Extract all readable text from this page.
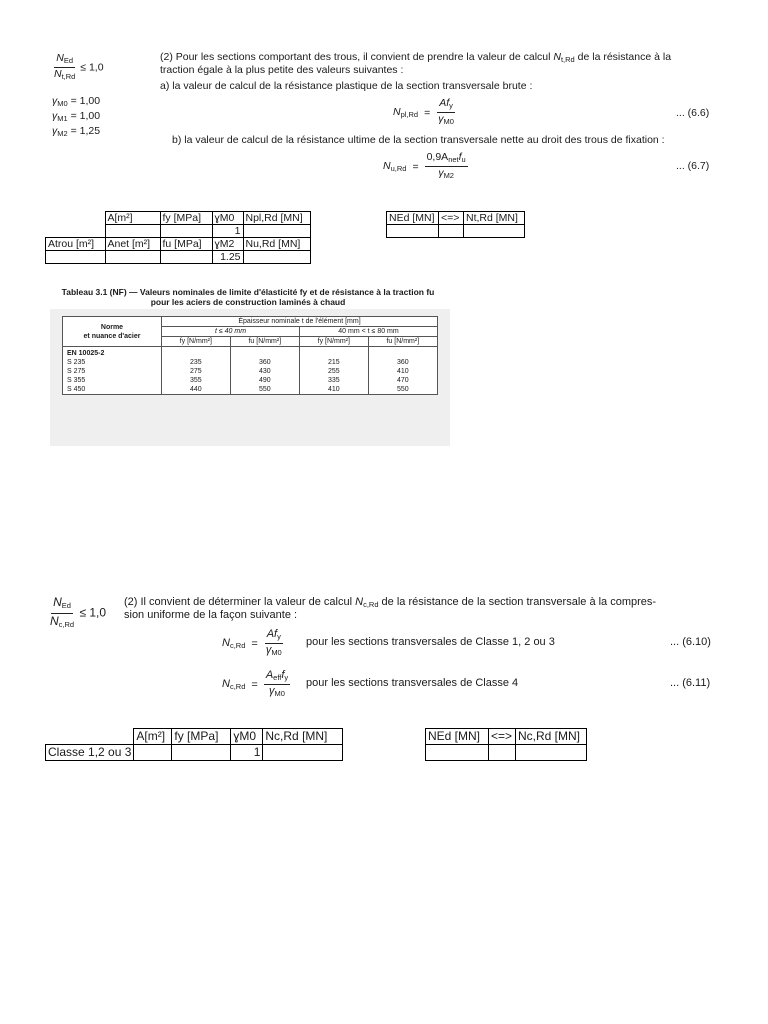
$\frac{N_{Ed}}{N_{t,Rd}} \le 1,0$
$\gamma_{M0} = 1,00$
$\gamma_{M1} = 1,00$
$\gamma_{M2} = 1,25$
(2) Pour les sections comportant des trous, il convient de prendre la valeur de calcul $N_{t,Rd}$ de la résistance à la
traction égale à la plus petite des valeurs suivantes :
a) la valeur de calcul de la résistance plastique de la section transversale brute :
$N_{pl,Rd} = \frac{Af_y}{\gamma_{M0}}$	... (6.6)
b) la valeur de calcul de la résistance ultime de la section transversale nette au droit des trous de fixation :
$N_{u,Rd} = \frac{0,9A_{net}f_u}{\gamma_{M2}}$	... (6.7)
	A[m²]	fy [MPa]	ɣM0	Npl,Rd [MN]
			1	
Atrou [m²]	Anet [m²]	fu [MPa]	ɣM2	Nu,Rd [MN]
			1.25	
NEd [MN]	<=>	Nt,Rd [MN]

Tableau 3.1 (NF) — Valeurs nominales de limite d'élasticité fy et de résistance à la traction fu
pour les aciers de construction laminés à chaud
Norme
et nuance d'acier	Épaisseur nominale t de l'élément [mm]			
	t ≤ 40 mm		40 mm < t ≤ 80 mm	
	fy [N/mm²]	fu [N/mm²]	fy [N/mm²]	fu [N/mm²]
EN 10025-2				
S 235	235	360	215	360
S 275	275	430	255	410
S 355	355	490	335	470
S 450	440	550	410	550
$\frac{N_{Ed}}{N_{c,Rd}} \le 1,0$
(2) Il convient de déterminer la valeur de calcul $N_{c,Rd}$ de la résistance de la section transversale à la compres-
sion uniforme de la façon suivante :
$N_{c,Rd} = \frac{Af_y}{\gamma_{M0}}$ pour les sections transversales de Classe 1, 2 ou 3	... (6.10)
$N_{c,Rd} = \frac{A_{eff}f_y}{\gamma_{M0}}$ pour les sections transversales de Classe 4	... (6.11)
	A[m²]	fy [MPa]	ɣM0	Nc,Rd [MN]
Classe 1,2 ou 3			1	
NEd [MN]	<=>	Nc,Rd [MN]
